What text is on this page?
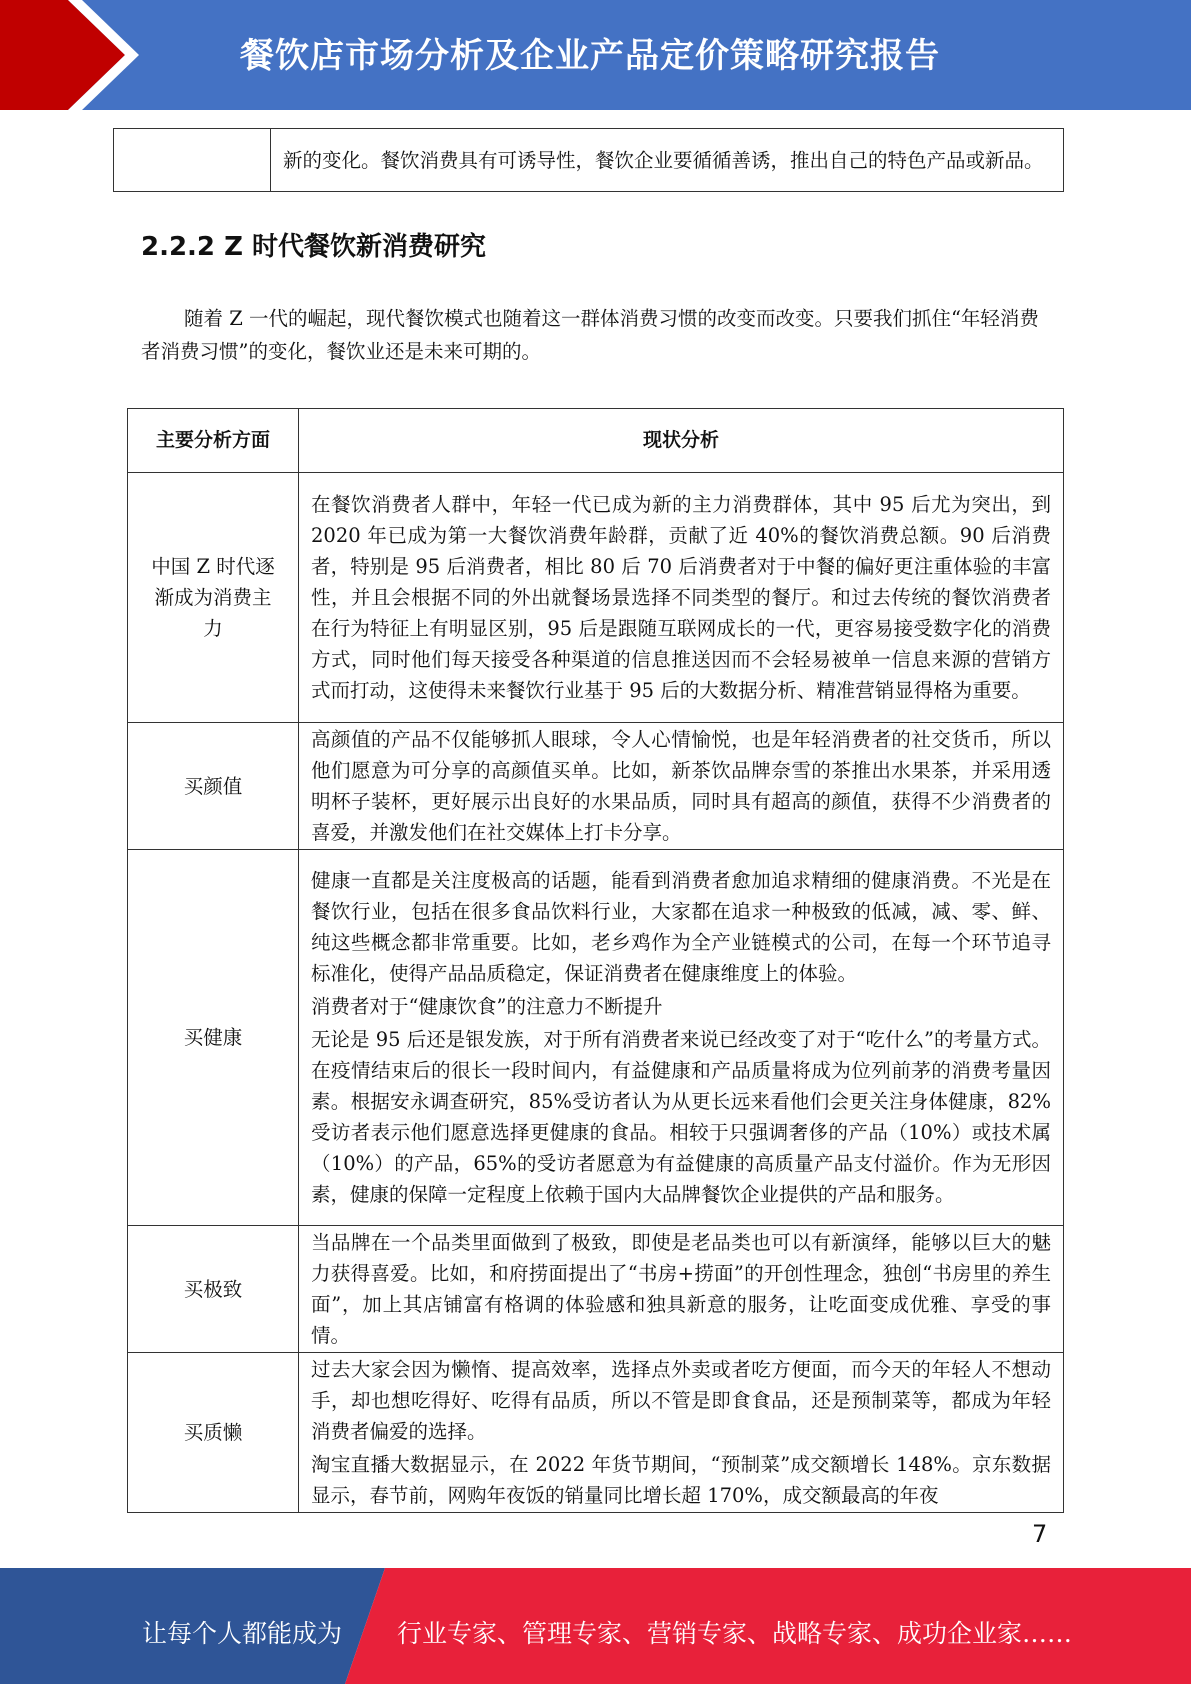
餐饮店市场分析及企业产品定价策略研究报告

新的变化。餐饮消费具有可诱导性，餐饮企业要循循善诱，推出自己的特色产品或新品。
2.2.2 Z 时代餐饮新消费研究
随着 Z 一代的崛起，现代餐饮模式也随着这一群体消费习惯的改变而改变。只要我们抓住“年轻消费者消费习惯”的变化，餐饮业还是未来可期的。
主要分析方面	现状分析

中国 Z 时代逐渐成为消费主力	在餐饮消费者人群中，年轻一代已成为新的主力消费群体，其中 95 后尤为突出，到 2020 年已成为第一大餐饮消费年龄群，贡献了近 40%的餐饮消费总额。90 后消费者，特别是 95 后消费者，相比 80 后 70 后消费者对于中餐的偏好更注重体验的丰富性，并且会根据不同的外出就餐场景选择不同类型的餐厅。和过去传统的餐饮消费者在行为特征上有明显区别，95 后是跟随互联网成长的一代，更容易接受数字化的消费方式，同时他们每天接受各种渠道的信息推送因而不会轻易被单一信息来源的营销方式而打动，这使得未来餐饮行业基于 95 后的大数据分析、精准营销显得格为重要。

买颜值	高颜值的产品不仅能够抓人眼球，令人心情愉悦，也是年轻消费者的社交货币，所以他们愿意为可分享的高颜值买单。比如，新茶饮品牌奈雪的茶推出水果茶，并采用透明杯子装杯，更好展示出良好的水果品质，同时具有超高的颜值，获得不少消费者的喜爱，并激发他们在社交媒体上打卡分享。

买健康	健康一直都是关注度极高的话题，能看到消费者愈加追求精细的健康消费。不光是在餐饮行业，包括在很多食品饮料行业，大家都在追求一种极致的低减，减、零、鲜、纯这些概念都非常重要。比如，老乡鸡作为全产业链模式的公司，在每一个环节追寻标准化，使得产品品质稳定，保证消费者在健康维度上的体验。
消费者对于“健康饮食”的注意力不断提升
无论是 95 后还是银发族，对于所有消费者来说已经改变了对于“吃什么”的考量方式。在疫情结束后的很长一段时间内，有益健康和产品质量将成为位列前茅的消费考量因素。根据安永调查研究，85%受访者认为从更长远来看他们会更关注身体健康，82%受访者表示他们愿意选择更健康的食品。相较于只强调奢侈的产品（10%）或技术属（10%）的产品，65%的受访者愿意为有益健康的高质量产品支付溢价。作为无形因素，健康的保障一定程度上依赖于国内大品牌餐饮企业提供的产品和服务。

买极致	当品牌在一个品类里面做到了极致，即使是老品类也可以有新演绎，能够以巨大的魅力获得喜爱。比如，和府捞面提出了“书房+捞面”的开创性理念，独创“书房里的养生面”，加上其店铺富有格调的体验感和独具新意的服务，让吃面变成优雅、享受的事情。

买质懒	过去大家会因为懒惰、提高效率，选择点外卖或者吃方便面，而今天的年轻人不想动手，却也想吃得好、吃得有品质，所以不管是即食食品，还是预制菜等，都成为年轻消费者偏爱的选择。
淘宝直播大数据显示，在 2022 年货节期间，“预制菜”成交额增长 148%。京东数据显示，春节前，网购年夜饭的销量同比增长超 170%，成交额最高的年夜
7
让每个人都能成为 行业专家、管理专家、营销专家、战略专家、成功企业家……
